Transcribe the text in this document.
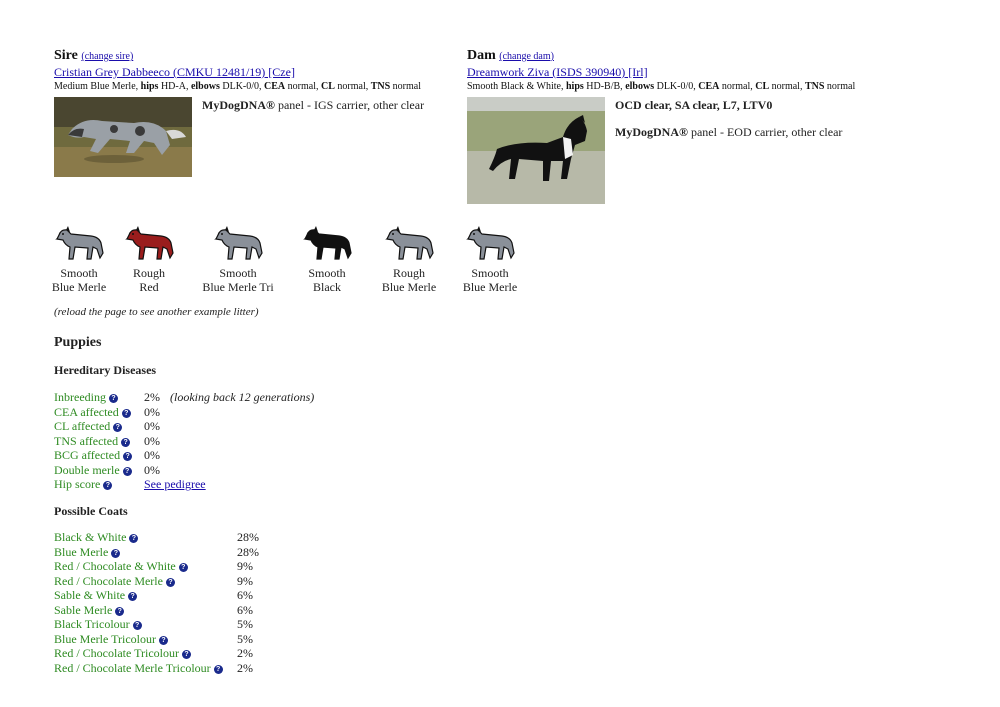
Sire (change sire)
Cristian Grey Dabbeeco (CMKU 12481/19) [Cze]
Medium Blue Merle, hips HD-A, elbows DLK-0/0, CEA normal, CL normal, TNS normal
MyDogDNA® panel - IGS carrier, other clear
Dam (change dam)
Dreamwork Ziva (ISDS 390940) [Irl]
Smooth Black & White, hips HD-B/B, elbows DLK-0/0, CEA normal, CL normal, TNS normal
OCD clear, SA clear, L7, LTV0
MyDogDNA® panel - EOD carrier, other clear
Smooth
Blue Merle
Rough
Red
Smooth
Blue Merle Tri
Smooth
Black
Rough
Blue Merle
Smooth
Blue Merle
(reload the page to see another example litter)
Puppies
Hereditary Diseases
Inbreeding ?	2% (looking back 12 generations)
CEA affected ?	0%
CL affected ?	0%
TNS affected ?	0%
BCG affected ?	0%
Double merle ?	0%
Hip score ?	See pedigree
Possible Coats
Black & White ?	28%
Blue Merle ?	28%
Red / Chocolate & White ?	9%
Red / Chocolate Merle ?	9%
Sable & White ?	6%
Sable Merle ?	6%
Black Tricolour ?	5%
Blue Merle Tricolour ?	5%
Red / Chocolate Tricolour ?	2%
Red / Chocolate Merle Tricolour ?	2%
